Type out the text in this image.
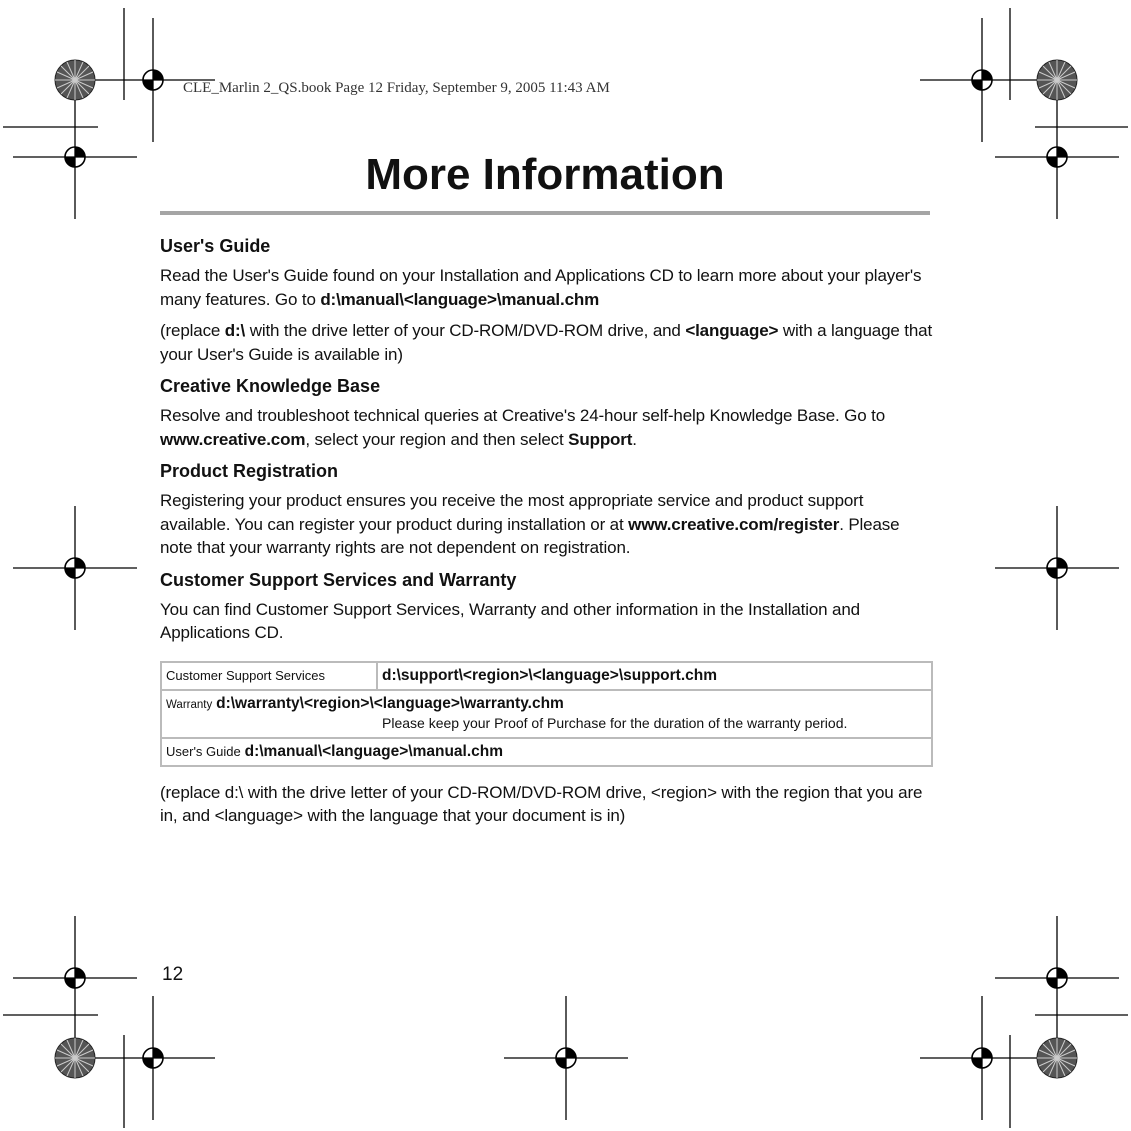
CLE_Marlin 2_QS.book Page 12 Friday, September 9, 2005 11:43 AM
More Information
User's Guide

Read the User's Guide found on your Installation and Applications CD to learn more about your player's many features. Go to d:\manual\<language>\manual.chm

(replace d:\ with the drive letter of your CD-ROM/DVD-ROM drive, and <language> with a language that your User's Guide is available in)

Creative Knowledge Base

Resolve and troubleshoot technical queries at Creative's 24-hour self-help Knowledge Base. Go to www.creative.com, select your region and then select Support.

Product Registration

Registering your product ensures you receive the most appropriate service and product support available. You can register your product during installation or at www.creative.com/register. Please note that your warranty rights are not dependent on registration.

Customer Support Services and Warranty

You can find Customer Support Services, Warranty and other information in the Installation and Applications CD.

Customer Support Services	d:\support\<region>\<language>\support.chm
Warranty d:\warranty\<region>\<language>\warranty.chm
Please keep your Proof of Purchase for the duration of the warranty period.

User's Guide d:\manual\<language>\manual.chm

(replace d:\ with the drive letter of your CD-ROM/DVD-ROM drive, <region> with the region that you are in, and <language> with the language that your document is in)

12
